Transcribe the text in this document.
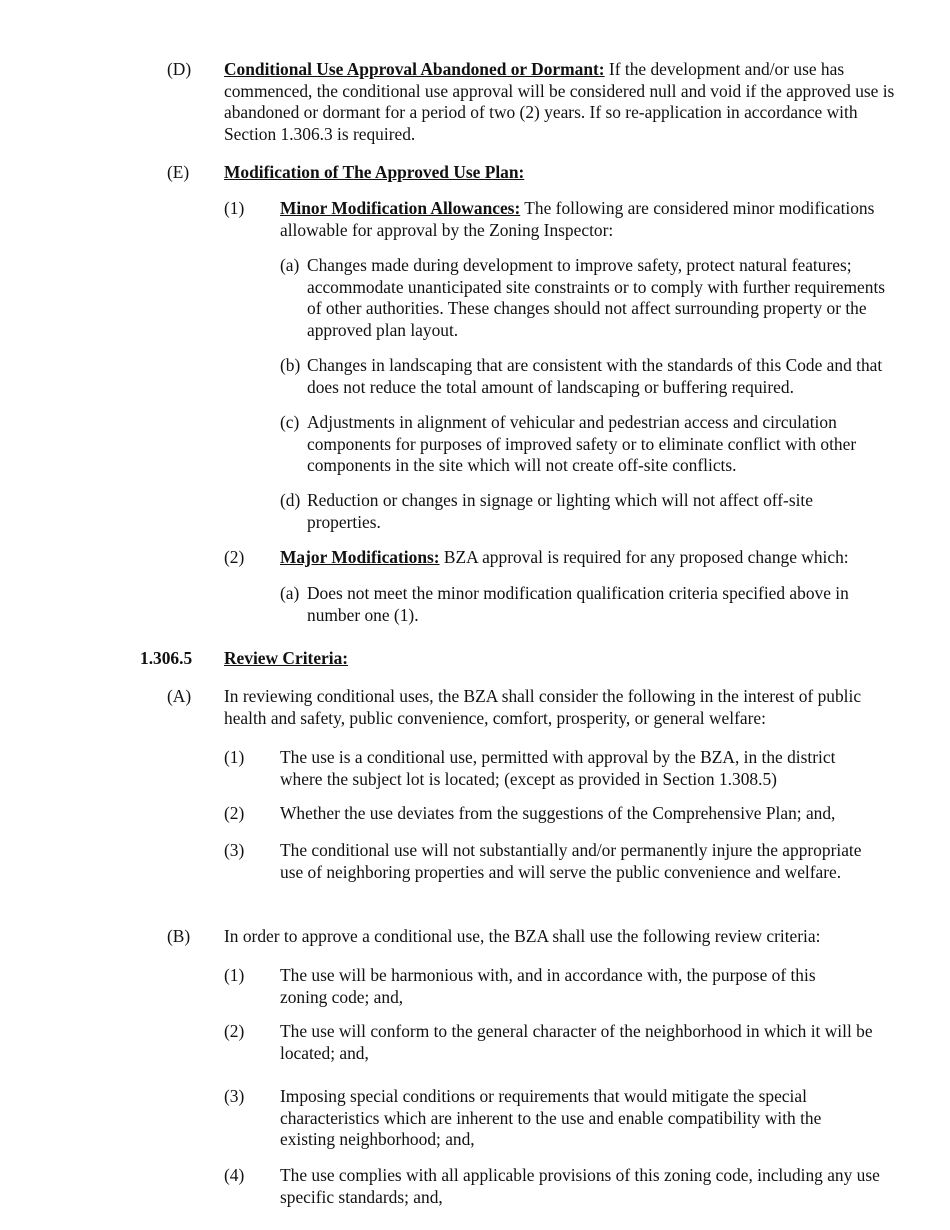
(D) Conditional Use Approval Abandoned or Dormant: If the development and/or use has commenced, the conditional use approval will be considered null and void if the approved use is abandoned or dormant for a period of two (2) years. If so re-application in accordance with Section 1.306.3 is required.
(E) Modification of The Approved Use Plan:
(1) Minor Modification Allowances: The following are considered minor modifications allowable for approval by the Zoning Inspector:
(a) Changes made during development to improve safety, protect natural features; accommodate unanticipated site constraints or to comply with further requirements of other authorities. These changes should not affect surrounding property or the approved plan layout.
(b) Changes in landscaping that are consistent with the standards of this Code and that does not reduce the total amount of landscaping or buffering required.
(c) Adjustments in alignment of vehicular and pedestrian access and circulation components for purposes of improved safety or to eliminate conflict with other components in the site which will not create off-site conflicts.
(d) Reduction or changes in signage or lighting which will not affect off-site properties.
(2) Major Modifications: BZA approval is required for any proposed change which:
(a) Does not meet the minor modification qualification criteria specified above in number one (1).
1.306.5 Review Criteria:
(A) In reviewing conditional uses, the BZA shall consider the following in the interest of public health and safety, public convenience, comfort, prosperity, or general welfare:
(1) The use is a conditional use, permitted with approval by the BZA, in the district where the subject lot is located; (except as provided in Section 1.308.5)
(2) Whether the use deviates from the suggestions of the Comprehensive Plan; and,
(3) The conditional use will not substantially and/or permanently injure the appropriate use of neighboring properties and will serve the public convenience and welfare.
(B) In order to approve a conditional use, the BZA shall use the following review criteria:
(1) The use will be harmonious with, and in accordance with, the purpose of this zoning code; and,
(2) The use will conform to the general character of the neighborhood in which it will be located; and,
(3) Imposing special conditions or requirements that would mitigate the special characteristics which are inherent to the use and enable compatibility with the existing neighborhood; and,
(4) The use complies with all applicable provisions of this zoning code, including any use specific standards; and,
